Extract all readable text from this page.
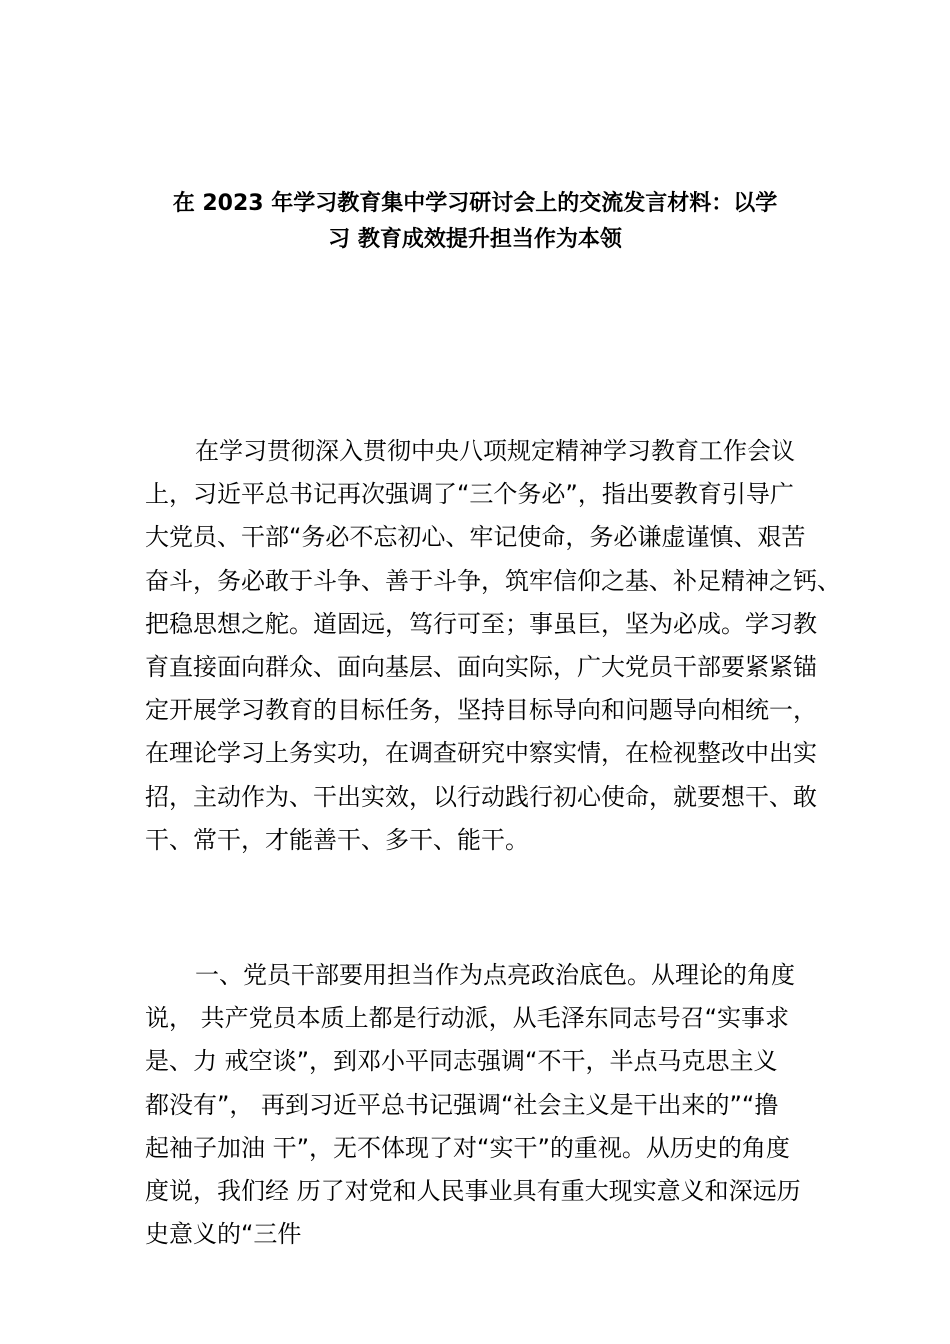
在 2023 年学习教育集中学习研讨会上的交流发言材料：以学
习 教育成效提升担当作为本领
在学习贯彻深入贯彻中央八项规定精神学习教育工作会议
上，习近平总书记再次强调了“三个务必”，指出要教育引导广
大党员、干部“务必不忘初心、牢记使命，务必谦虚谨慎、艰苦
奋斗，务必敢于斗争、善于斗争，筑牢信仰之基、补足精神之钙、
把稳思想之舵。道固远，笃行可至；事虽巨，坚为必成。学习教
育直接面向群众、面向基层、面向实际，广大党员干部要紧紧锚
定开展学习教育的目标任务，坚持目标导向和问题导向相统一，
在理论学习上务实功，在调查研究中察实情，在检视整改中出实
招，主动作为、干出实效，以行动践行初心使命，就要想干、敢
干、常干，才能善干、多干、能干。
一、党员干部要用担当作为点亮政治底色。从理论的角度
说， 共产党员本质上都是行动派，从毛泽东同志号召“实事求
是、力 戒空谈”，到邓小平同志强调“不干，半点马克思主义
都没有”， 再到习近平总书记强调“社会主义是干出来的”“撸
起袖子加油 干”，无不体现了对“实干”的重视。从历史的角度
度说，我们经 历了对党和人民事业具有重大现实意义和深远历
史意义的“三件
